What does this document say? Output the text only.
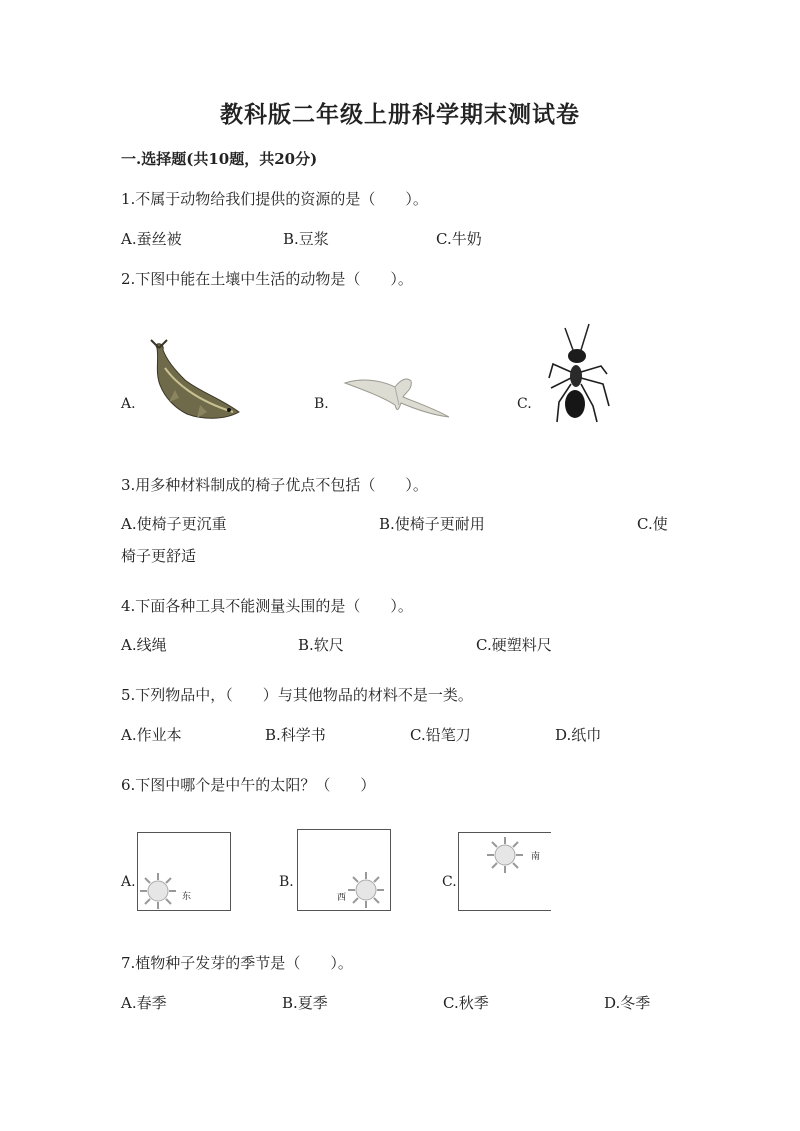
教科版二年级上册科学期末测试卷
一.选择题(共10题，共20分)
1.不属于动物给我们提供的资源的是（　　）。
A.蚕丝被	B.豆浆	C.牛奶
2.下图中能在土壤中生活的动物是（　　）。
A.	B.	C.
3.用多种材料制成的椅子优点不包括（　　）。
A.使椅子更沉重	B.使椅子更耐用	C.使
椅子更舒适
4.下面各种工具不能测量头围的是（　　）。
A.线绳	B.软尺	C.硬塑料尺
5.下列物品中，（　　）与其他物品的材料不是一类。
A.作业本	B.科学书	C.铅笔刀	D.纸巾
6.下图中哪个是中午的太阳？（　　）
A.	B.	C.
东	西
南
7.植物种子发芽的季节是（　　）。
A.春季	B.夏季	C.秋季	D.冬季
